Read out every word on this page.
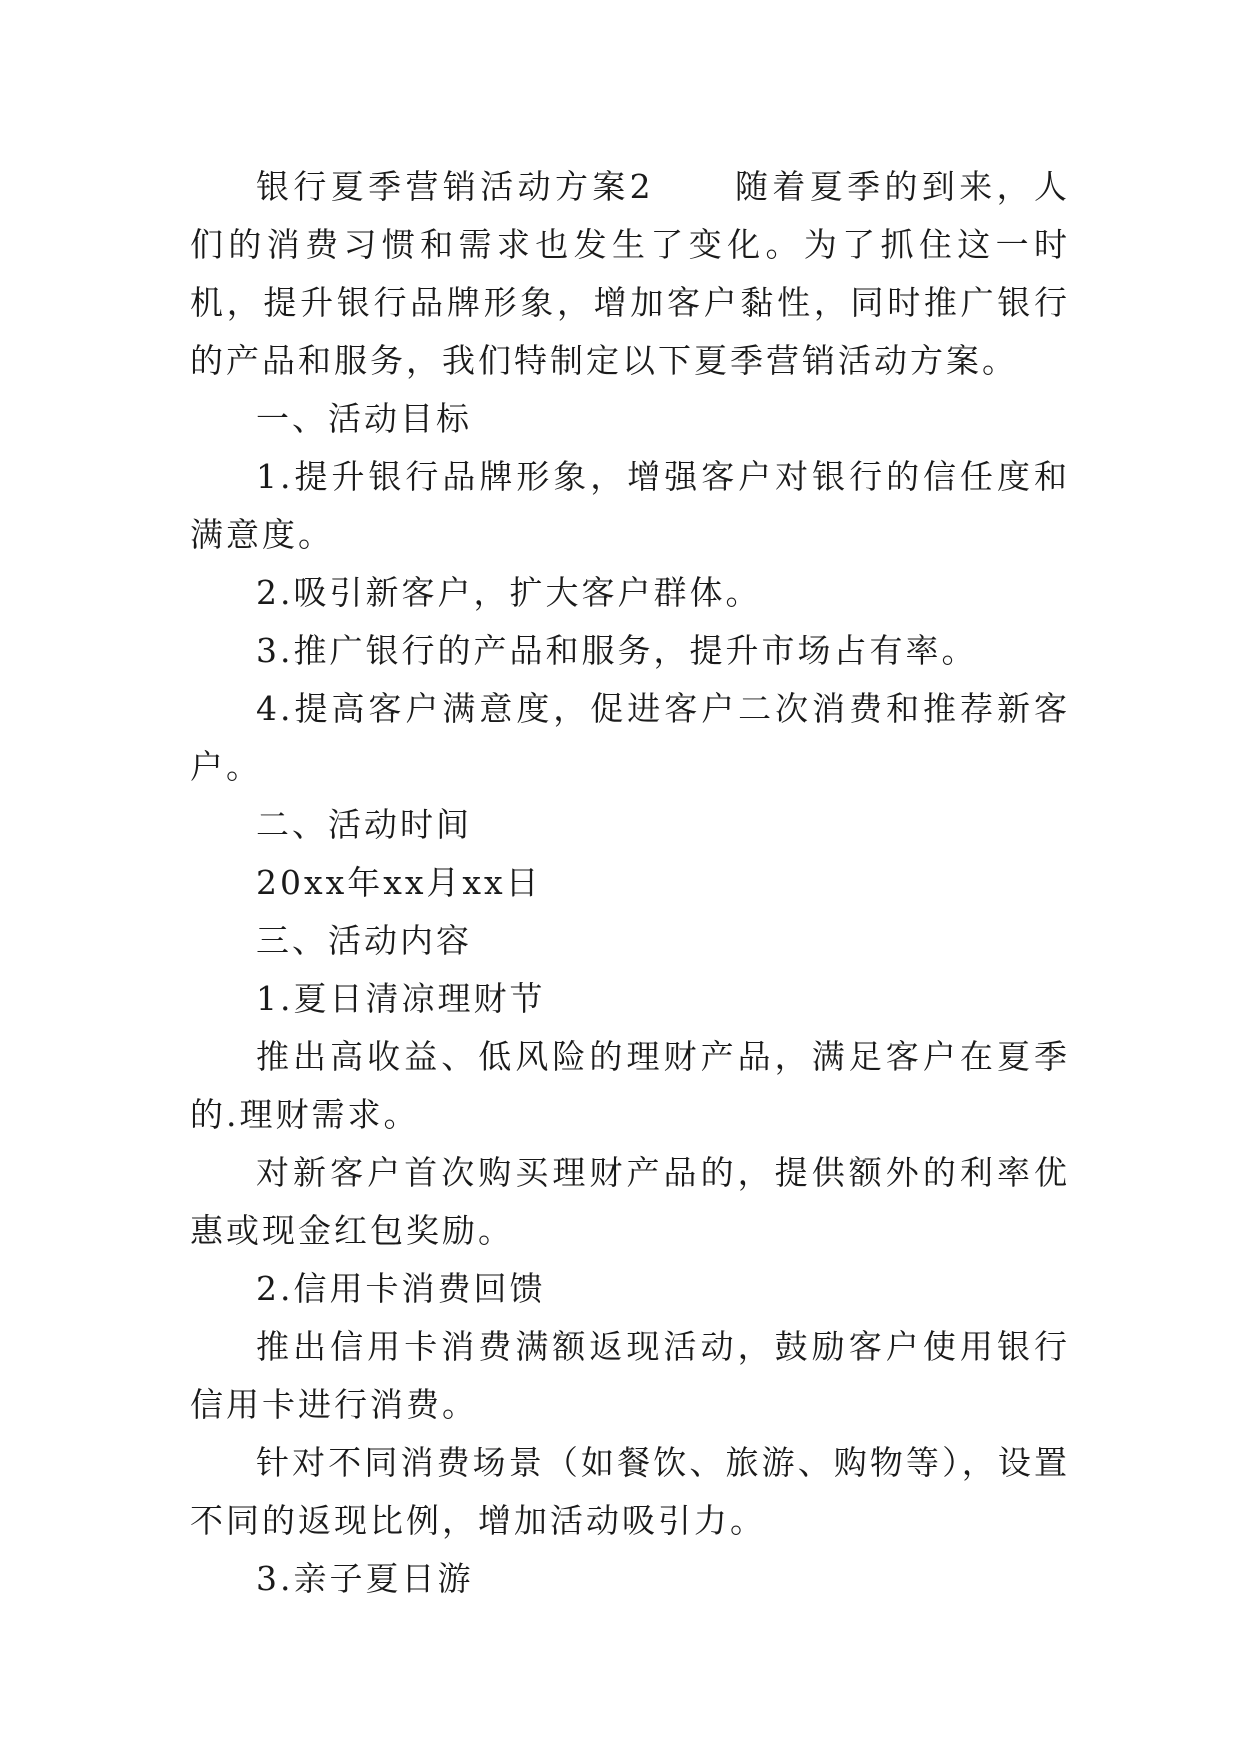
银行夏季营销活动方案2 随着夏季的到来，人们的消费习惯和需求也发生了变化。为了抓住这一时机，提升银行品牌形象，增加客户黏性，同时推广银行的产品和服务，我们特制定以下夏季营销活动方案。

一、活动目标

1.提升银行品牌形象，增强客户对银行的信任度和满意度。

2.吸引新客户，扩大客户群体。

3.推广银行的产品和服务，提升市场占有率。

4.提高客户满意度，促进客户二次消费和推荐新客户。

二、活动时间

20xx年xx月xx日

三、活动内容

1.夏日清凉理财节

推出高收益、低风险的理财产品，满足客户在夏季的.理财需求。

对新客户首次购买理财产品的，提供额外的利率优惠或现金红包奖励。

2.信用卡消费回馈

推出信用卡消费满额返现活动，鼓励客户使用银行信用卡进行消费。

针对不同消费场景（如餐饮、旅游、购物等），设置不同的返现比例，增加活动吸引力。

3.亲子夏日游
